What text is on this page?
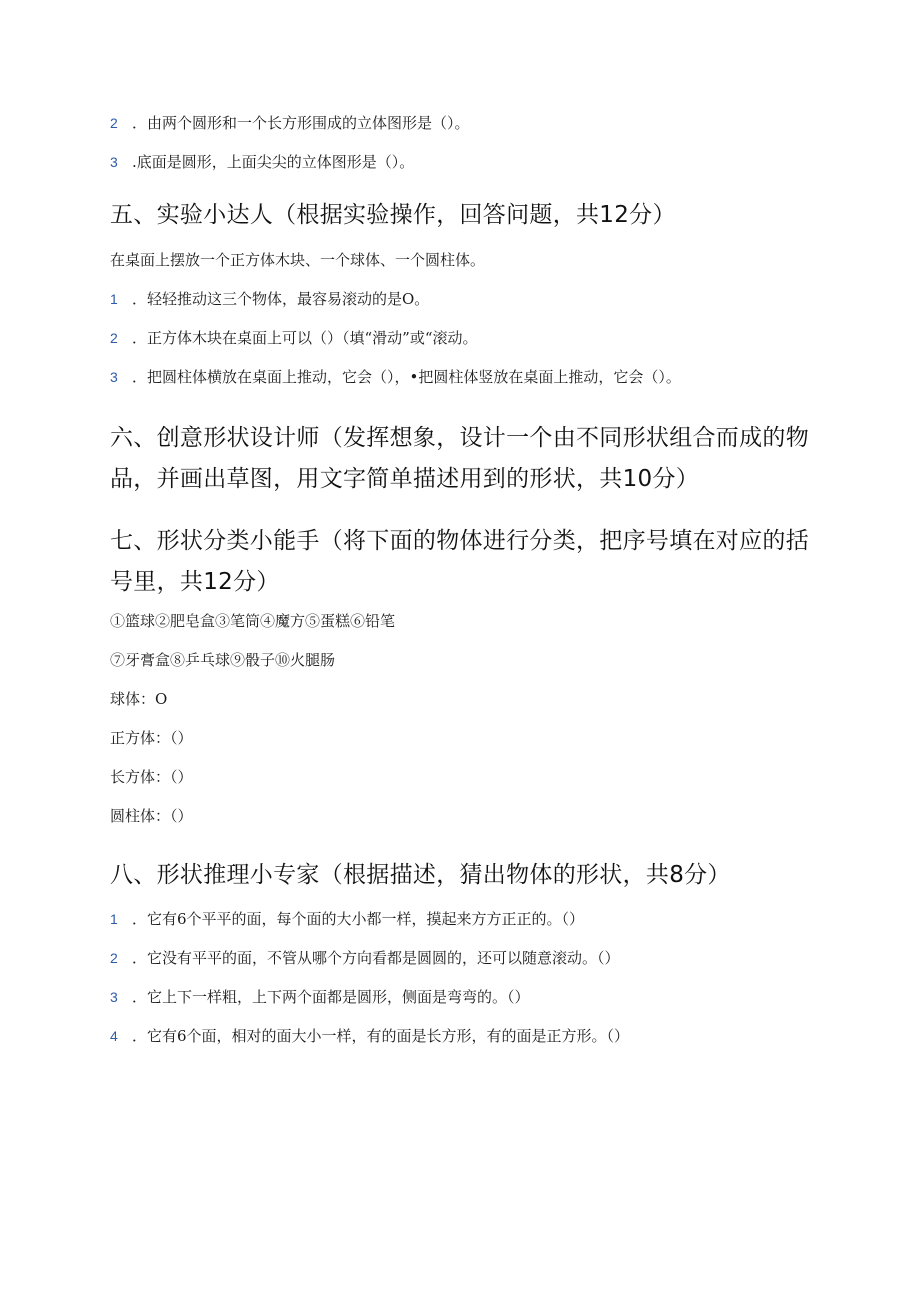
2 ．由两个圆形和一个长方形围成的立体图形是（）。
3 .底面是圆形，上面尖尖的立体图形是（）。
五、实验小达人（根据实验操作，回答问题，共12分）
在桌面上摆放一个正方体木块、一个球体、一个圆柱体。
1 ．轻轻推动这三个物体，最容易滚动的是O。
2 ．正方体木块在桌面上可以（）（填“滑动”或“滚动。
3 ．把圆柱体横放在桌面上推动，它会（），•把圆柱体竖放在桌面上推动，它会（）。
六、创意形状设计师（发挥想象，设计一个由不同形状组合而成的物品，并画出草图，用文字简单描述用到的形状，共10分）
七、形状分类小能手（将下面的物体进行分类，把序号填在对应的括号里，共12分）
①篮球②肥皂盒③笔筒④魔方⑤蛋糕⑥铅笔
⑦牙膏盒⑧乒乓球⑨骰子⑩火腿肠
球体：O
正方体：（）
长方体：（）
圆柱体：（）
八、形状推理小专家（根据描述，猜出物体的形状，共8分）
1 ．它有6个平平的面，每个面的大小都一样，摸起来方方正正的。（）
2 ．它没有平平的面，不管从哪个方向看都是圆圆的，还可以随意滚动。（）
3 ．它上下一样粗，上下两个面都是圆形，侧面是弯弯的。（）
4 ．它有6个面，相对的面大小一样，有的面是长方形，有的面是正方形。（）
